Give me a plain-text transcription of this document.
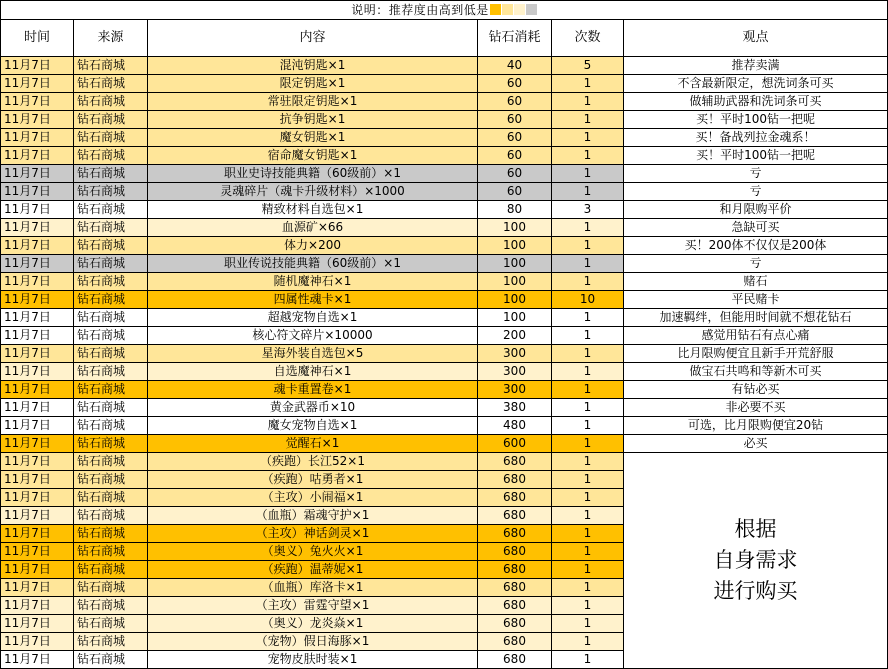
说明：推荐度由高到低是					
时间	来源	内容	钻石消耗	次数	观点
11月7日	钻石商城	混沌钥匙×1	40	5	推荐卖满
11月7日	钻石商城	限定钥匙×1	60	1	不含最新限定，想洗词条可买
11月7日	钻石商城	常驻限定钥匙×1	60	1	做辅助武器和洗词条可买
11月7日	钻石商城	抗争钥匙×1	60	1	买！平时100钻一把呢
11月7日	钻石商城	魔女钥匙×1	60	1	买！备战列拉金魂系！
11月7日	钻石商城	宿命魔女钥匙×1	60	1	买！平时100钻一把呢
11月7日	钻石商城	职业史诗技能典籍（60级前）×1	60	1	亏
11月7日	钻石商城	灵魂碎片（魂卡升级材料）×1000	60	1	亏
11月7日	钻石商城	精致材料自选包×1	80	3	和月限购平价
11月7日	钻石商城	血源矿×66	100	1	急缺可买
11月7日	钻石商城	体力×200	100	1	买！200体不仅仅是200体
11月7日	钻石商城	职业传说技能典籍（60级前）×1	100	1	亏
11月7日	钻石商城	随机魔神石×1	100	1	赌石
11月7日	钻石商城	四属性魂卡×1	100	10	平民赌卡
11月7日	钻石商城	超越宠物自选×1	100	1	加速羁绊，但能用时间就不想花钻石
11月7日	钻石商城	核心符文碎片×10000	200	1	感觉用钻石有点心痛
11月7日	钻石商城	星海外装自选包×5	300	1	比月限购便宜且新手开荒舒服
11月7日	钻石商城	自选魔神石×1	300	1	做宝石共鸣和等新木可买
11月7日	钻石商城	魂卡重置卷×1	300	1	有钻必买
11月7日	钻石商城	黄金武器币×10	380	1	非必要不买
11月7日	钻石商城	魔女宠物自选×1	480	1	可选，比月限购便宜20钻
11月7日	钻石商城	觉醒石×1	600	1	必买
11月7日	钻石商城	（疾跑）长江52×1	680	1	根据
自身需求
进行购买

11月7日	钻石商城	（疾跑）咕勇者×1	680	1	
11月7日	钻石商城	（主攻）小闹福×1	680	1	
11月7日	钻石商城	（血瓶）霜魂守护×1	680	1	
11月7日	钻石商城	（主攻）神话剑灵×1	680	1	
11月7日	钻石商城	（奥义）兔火火×1	680	1	
11月7日	钻石商城	（疾跑）温蒂妮×1	680	1	
11月7日	钻石商城	（血瓶）库洛卡×1	680	1	
11月7日	钻石商城	（主攻）雷霆守望×1	680	1	
11月7日	钻石商城	（奥义）龙炎焱×1	680	1	
11月7日	钻石商城	（宠物）假日海豚×1	680	1	
11月7日	钻石商城	宠物皮肤时装×1	680	1	
